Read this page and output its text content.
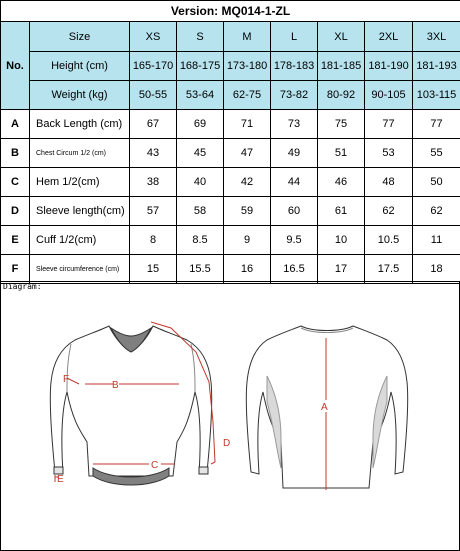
Version: MQ014-1-ZL								
No.	Size	XS	S	M	L	XL	2XL	3XL
	Height (cm)	165-170	168-175	173-180	178-183	181-185	181-190	181-193
	Weight (kg)	50-55	53-64	62-75	73-82	80-92	90-105	103-115
A	Back Length (cm)	67	69	71	73	75	77	77
B	Chest Circum 1/2 (cm)	43	45	47	49	51	53	55
C	Hem 1/2(cm)	38	40	42	44	46	48	50
D	Sleeve length(cm)	57	58	59	60	61	62	62
E	Cuff 1/2(cm)	8	8.5	9	9.5	10	10.5	11
F	Sleeve circumference (cm)	15	15.5	16	16.5	17	17.5	18
Diagram:
B
C
D
E
F
A
